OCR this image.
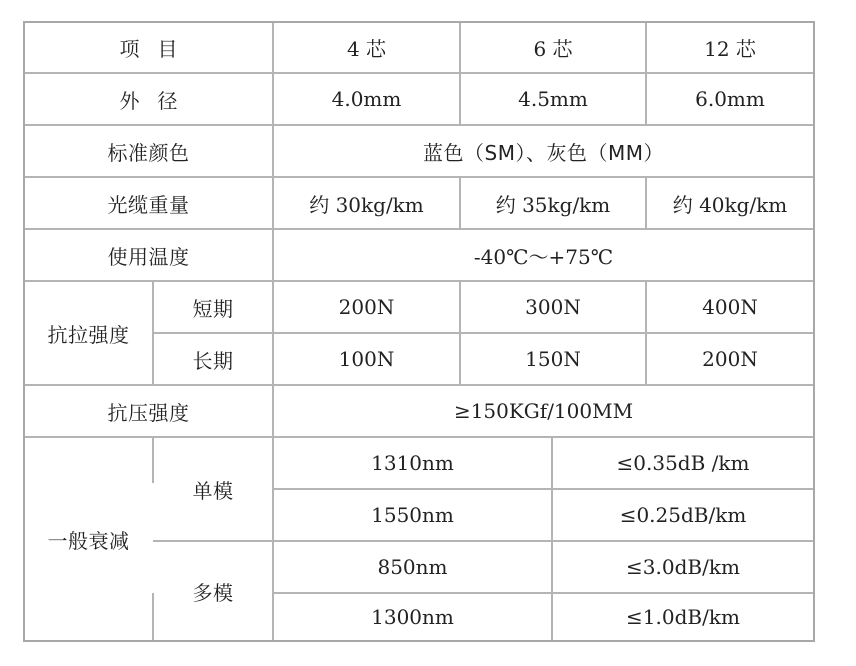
项目	4 芯	6 芯	12 芯
外径	4.0mm	4.5mm	6.0mm
标准颜色	蓝色（SM）、灰色（MM）
光缆重量	约 30kg/km	约 35kg/km	约 40kg/km
使用温度	-40℃～+75℃
抗拉强度
短期	200N	300N	400N
长期	100N	150N	200N
抗压强度	≥150KGf/100MM
一般衰减
单模
1310nm	≤0.35dB /km
1550nm	≤0.25dB/km
多模
850nm	≤3.0dB/km
1300nm	≤1.0dB/km
